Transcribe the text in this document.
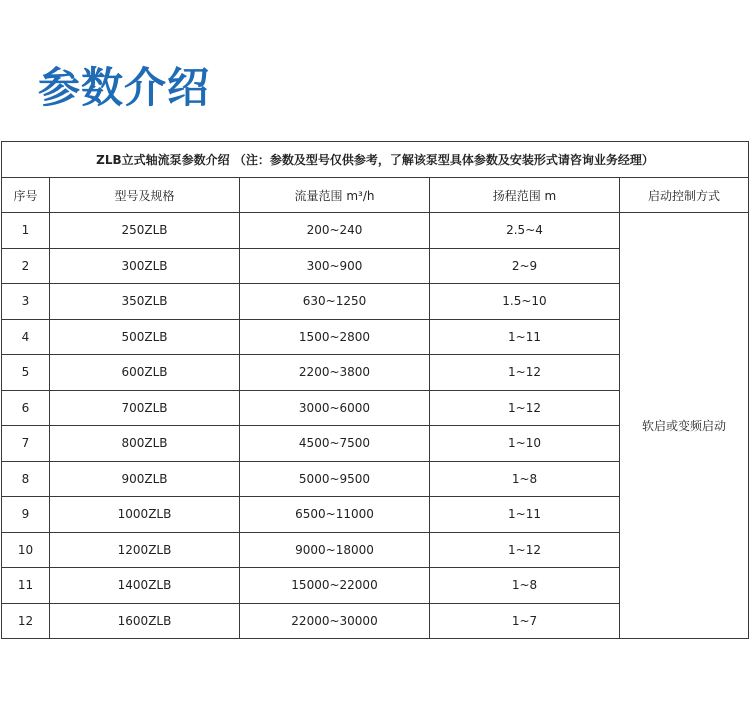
参数介绍
ZLB立式轴流泵参数介绍 （注：参数及型号仅供参考，了解该泵型具体参数及安装形式请咨询业务经理）				
序号	型号及规格	流量范围 m³/h	扬程范围 m	启动控制方式
1	250ZLB	200~240	2.5~4	软启或变频启动
2	300ZLB	300~900	2~9	
3	350ZLB	630~1250	1.5~10	
4	500ZLB	1500~2800	1~11	
5	600ZLB	2200~3800	1~12	
6	700ZLB	3000~6000	1~12	
7	800ZLB	4500~7500	1~10	
8	900ZLB	5000~9500	1~8	
9	1000ZLB	6500~11000	1~11	
10	1200ZLB	9000~18000	1~12	
11	1400ZLB	15000~22000	1~8	
12	1600ZLB	22000~30000	1~7	
